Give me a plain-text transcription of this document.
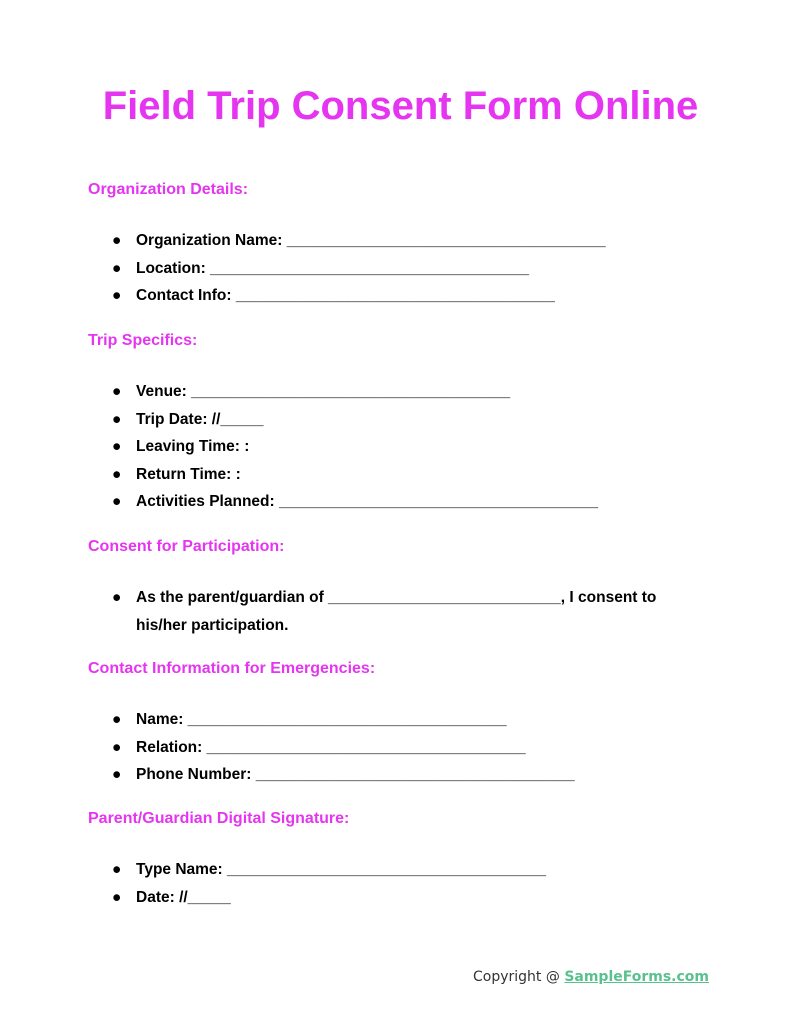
Field Trip Consent Form Online
Organization Details:
● Organization Name: _____________________________________
● Location: _____________________________________
● Contact Info: _____________________________________
Trip Specifics:
● Venue: _____________________________________
● Trip Date: //_____
● Leaving Time: :
● Return Time: :
● Activities Planned: _____________________________________
Consent for Participation:
● As the parent/guardian of ___________________________, I consent to his/her participation.
Contact Information for Emergencies:
● Name: _____________________________________
● Relation: _____________________________________
● Phone Number: _____________________________________
Parent/Guardian Digital Signature:
● Type Name: _____________________________________
● Date: //_____
Copyright @ SampleForms.com
